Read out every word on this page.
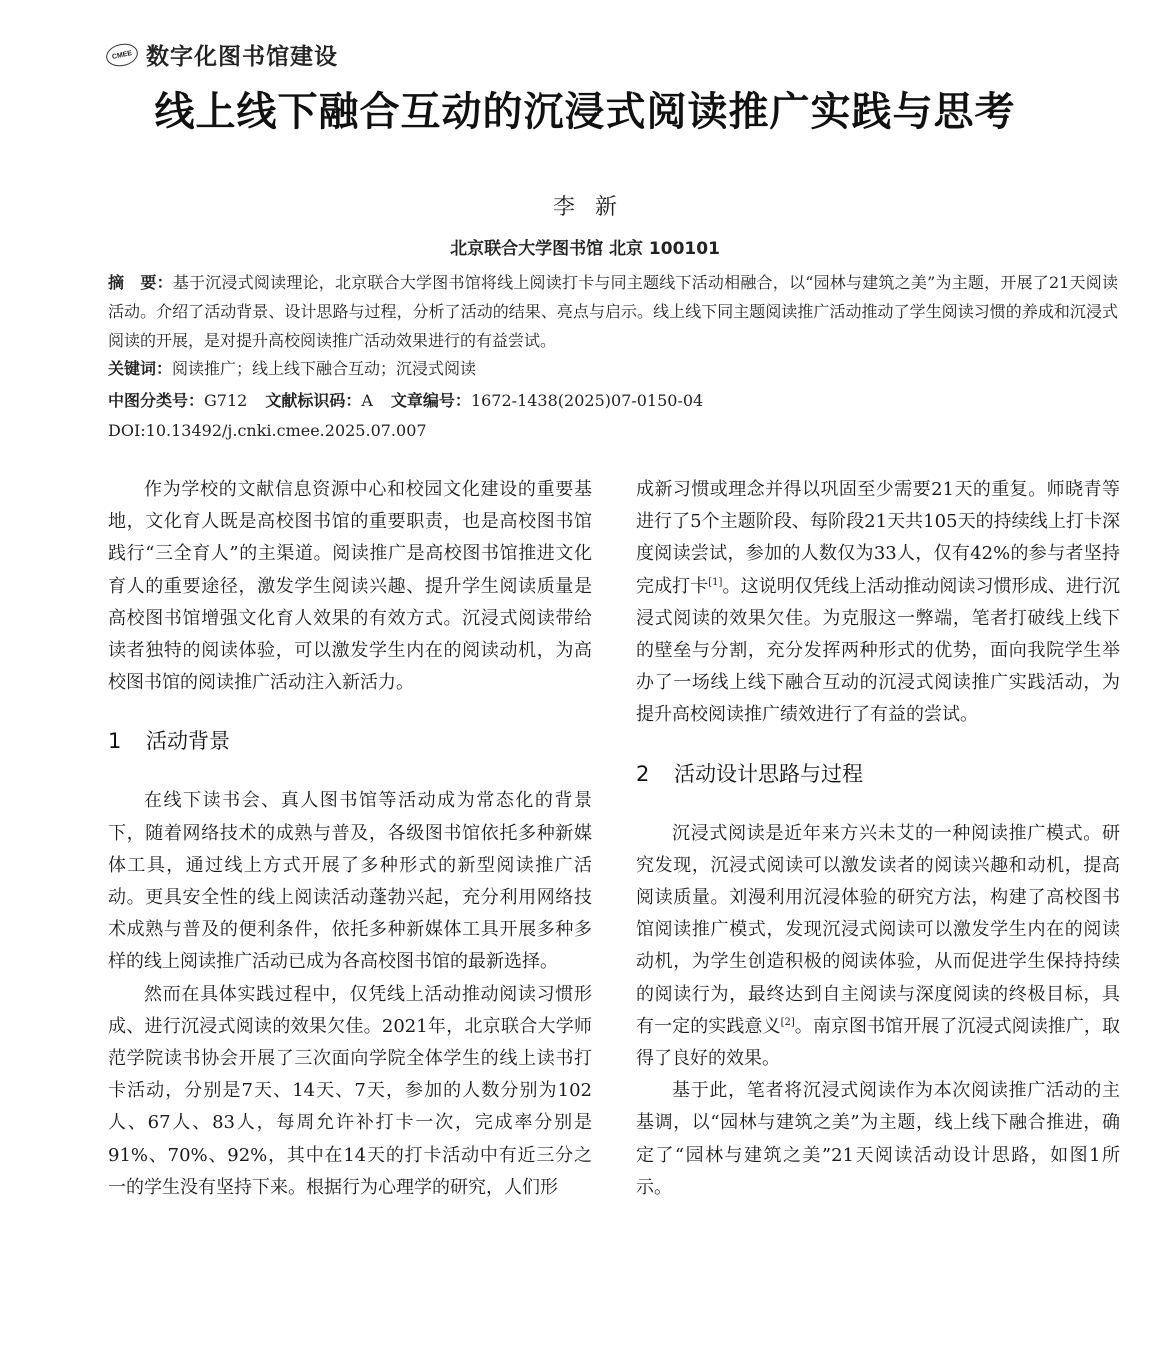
CMEE 数字化图书馆建设
线上线下融合互动的沉浸式阅读推广实践与思考
李新
北京联合大学图书馆 北京 100101
摘　要：基于沉浸式阅读理论，北京联合大学图书馆将线上阅读打卡与同主题线下活动相融合，以“园林与建筑之美”为主题，开展了21天阅读活动。介绍了活动背景、设计思路与过程，分析了活动的结果、亮点与启示。线上线下同主题阅读推广活动推动了学生阅读习惯的养成和沉浸式阅读的开展，是对提升高校阅读推广活动效果进行的有益尝试。
关键词：阅读推广；线上线下融合互动；沉浸式阅读
中图分类号：G712 文献标识码：A 文章编号：1672-1438(2025)07-0150-04
DOI:10.13492/j.cnki.cmee.2025.07.007

作为学校的文献信息资源中心和校园文化建设的重要基地，文化育人既是高校图书馆的重要职责，也是高校图书馆践行“三全育人”的主渠道。阅读推广是高校图书馆推进文化育人的重要途径，激发学生阅读兴趣、提升学生阅读质量是高校图书馆增强文化育人效果的有效方式。沉浸式阅读带给读者独特的阅读体验，可以激发学生内在的阅读动机，为高校图书馆的阅读推广活动注入新活力。

1 活动背景

在线下读书会、真人图书馆等活动成为常态化的背景下，随着网络技术的成熟与普及，各级图书馆依托多种新媒体工具，通过线上方式开展了多种形式的新型阅读推广活动。更具安全性的线上阅读活动蓬勃兴起，充分利用网络技术成熟与普及的便利条件，依托多种新媒体工具开展多种多样的线上阅读推广活动已成为各高校图书馆的最新选择。

然而在具体实践过程中，仅凭线上活动推动阅读习惯形成、进行沉浸式阅读的效果欠佳。2021年，北京联合大学师范学院读书协会开展了三次面向学院全体学生的线上读书打卡活动，分别是7天、14天、7天，参加的人数分别为102人、67人、83人，每周允许补打卡一次，完成率分别是91%、70%、92%，其中在14天的打卡活动中有近三分之一的学生没有坚持下来。根据行为心理学的研究，人们形

成新习惯或理念并得以巩固至少需要21天的重复。师晓青等进行了5个主题阶段、每阶段21天共105天的持续线上打卡深度阅读尝试，参加的人数仅为33人，仅有42%的参与者坚持完成打卡[1]。这说明仅凭线上活动推动阅读习惯形成、进行沉浸式阅读的效果欠佳。为克服这一弊端，笔者打破线上线下的壁垒与分割，充分发挥两种形式的优势，面向我院学生举办了一场线上线下融合互动的沉浸式阅读推广实践活动，为提升高校阅读推广绩效进行了有益的尝试。

2 活动设计思路与过程

沉浸式阅读是近年来方兴未艾的一种阅读推广模式。研究发现，沉浸式阅读可以激发读者的阅读兴趣和动机，提高阅读质量。刘漫利用沉浸体验的研究方法，构建了高校图书馆阅读推广模式，发现沉浸式阅读可以激发学生内在的阅读动机，为学生创造积极的阅读体验，从而促进学生保持持续的阅读行为，最终达到自主阅读与深度阅读的终极目标，具有一定的实践意义[2]。南京图书馆开展了沉浸式阅读推广，取得了良好的效果。

基于此，笔者将沉浸式阅读作为本次阅读推广活动的主基调，以“园林与建筑之美”为主题，线上线下融合推进，确定了“园林与建筑之美”21天阅读活动设计思路，如图1所示。
